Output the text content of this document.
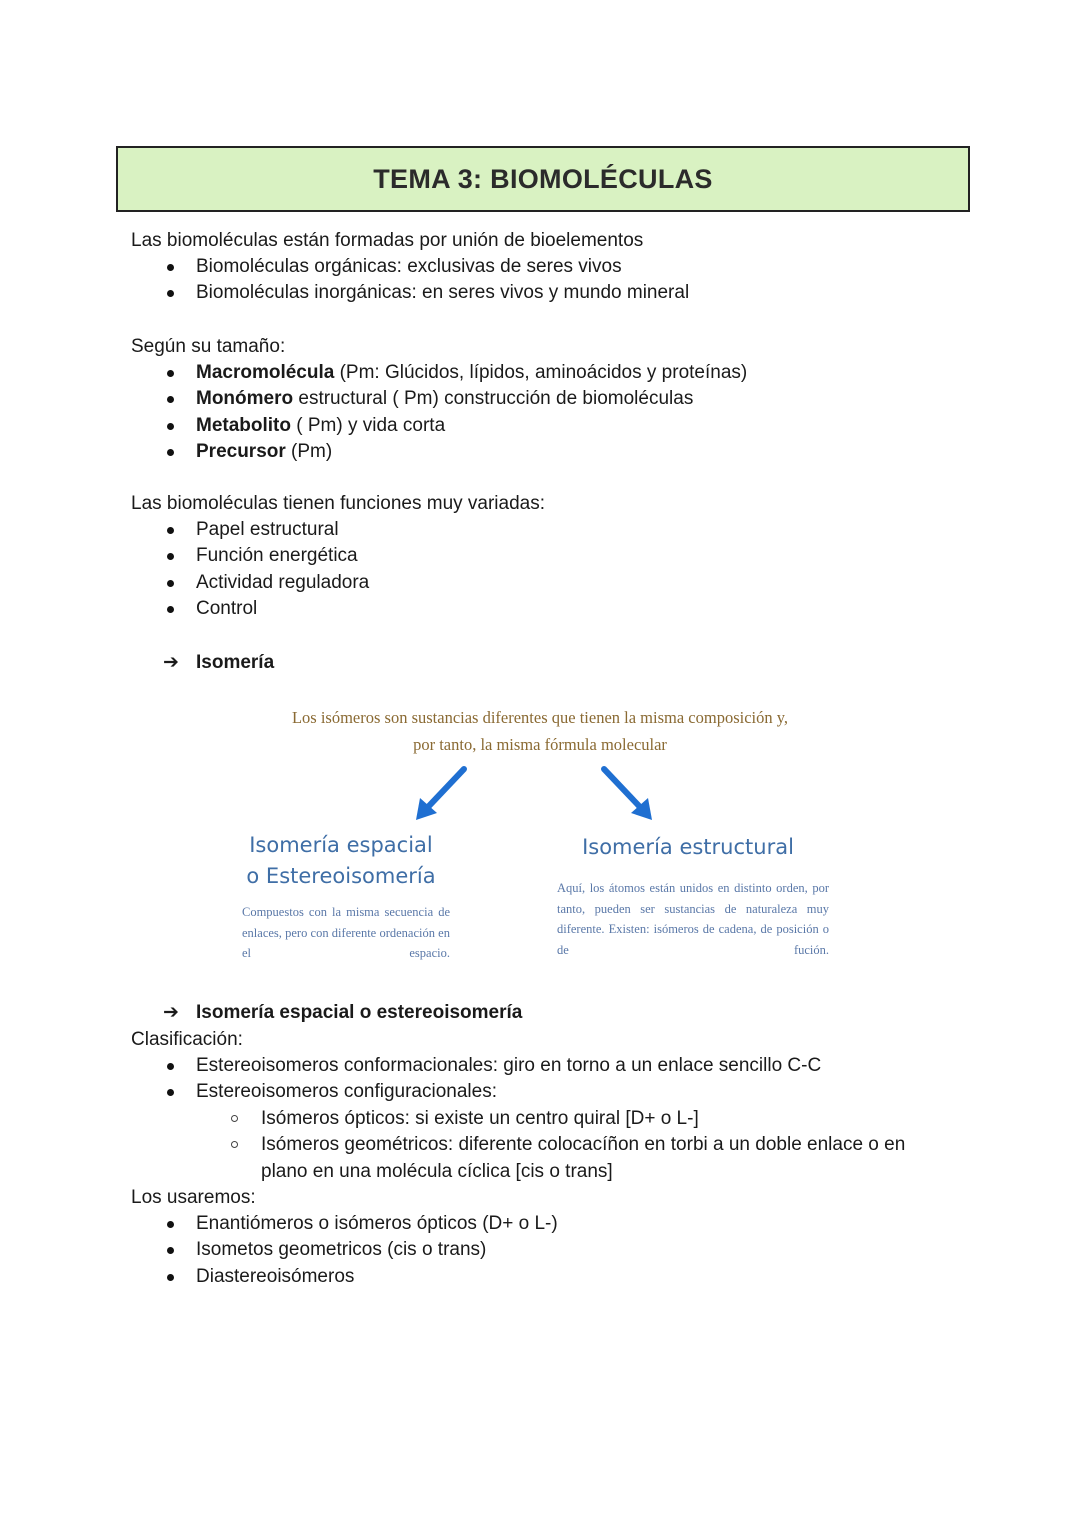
TEMA 3: BIOMOLÉCULAS
Las biomoléculas están formadas por unión de bioelementos
Biomoléculas orgánicas: exclusivas de seres vivos
Biomoléculas inorgánicas: en seres vivos y mundo mineral
Según su tamaño:
Macromolécula (Pm: Glúcidos, lípidos, aminoácidos y proteínas)
Monómero estructural ( Pm) construcción de biomoléculas
Metabolito ( Pm) y vida corta
Precursor (Pm)
Las biomoléculas tienen funciones muy variadas:
Papel estructural
Función energética
Actividad reguladora
Control
➔ Isomería
Los isómeros son sustancias diferentes que tienen la misma composición y,
por tanto, la misma fórmula molecular
Isomería espacial
o Estereoisomería
Compuestos con la misma secuencia de enlaces, pero con diferente ordenación en el espacio.
Isomería estructural
Aquí, los átomos están unidos en distinto orden, por tanto, pueden ser sustancias de naturaleza muy diferente. Existen: isómeros de cadena, de posición o de fución.
➔ Isomería espacial o estereoisomería
Clasificación:
Estereoisomeros conformacionales: giro en torno a un enlace sencillo C-C
Estereoisomeros configuracionales:
Isómeros ópticos: si existe un centro quiral [D+ o L-]
Isómeros geométricos: diferente colocacíñon en torbi a un doble enlace o en plano en una molécula cíclica [cis o trans]
Los usaremos:
Enantiómeros o isómeros ópticos (D+ o L-)
Isometos geometricos (cis o trans)
Diastereoisómeros
